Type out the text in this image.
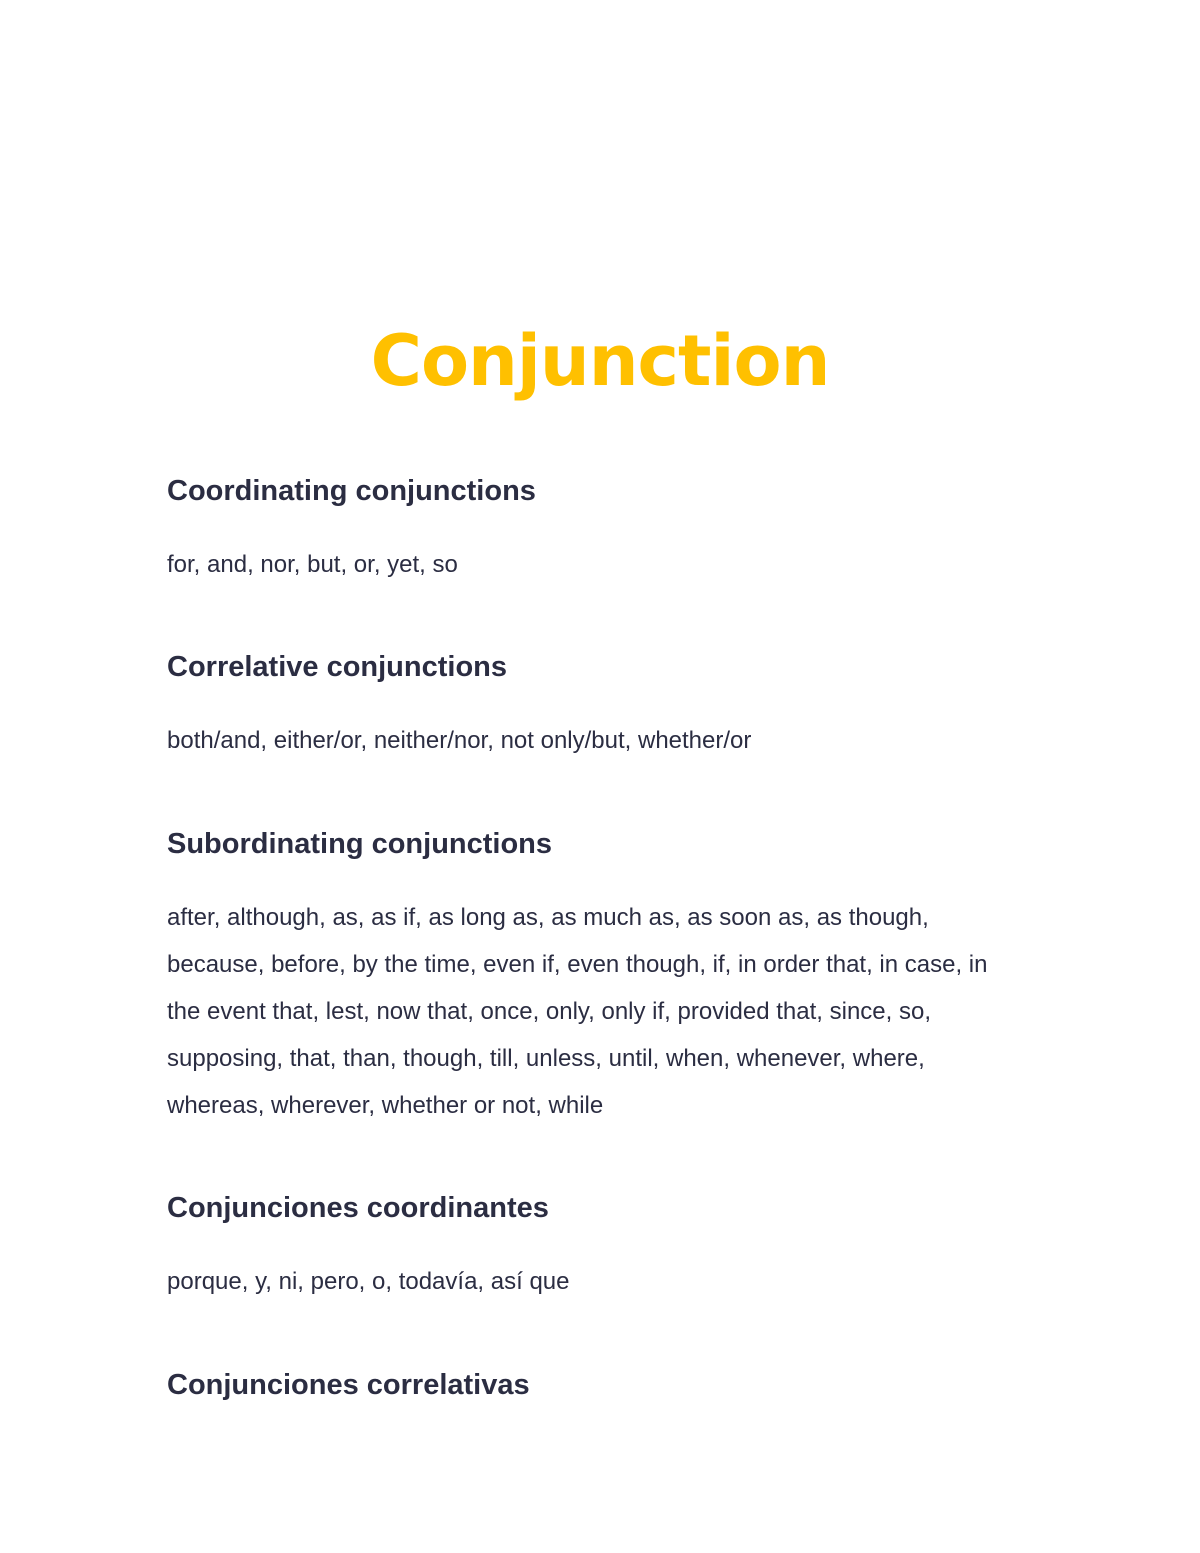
Conjunction
Coordinating conjunctions

for, and, nor, but, or, yet, so

Correlative conjunctions

both/and, either/or, neither/nor, not only/but, whether/or

Subordinating conjunctions

after, although, as, as if, as long as, as much as, as soon as, as though, because, before, by the time, even if, even though, if, in order that, in case, in the event that, lest, now that, once, only, only if, provided that, since, so, supposing, that, than, though, till, unless, until, when, whenever, where, whereas, wherever, whether or not, while

Conjunciones coordinantes

porque, y, ni, pero, o, todavía, así que

Conjunciones correlativas
